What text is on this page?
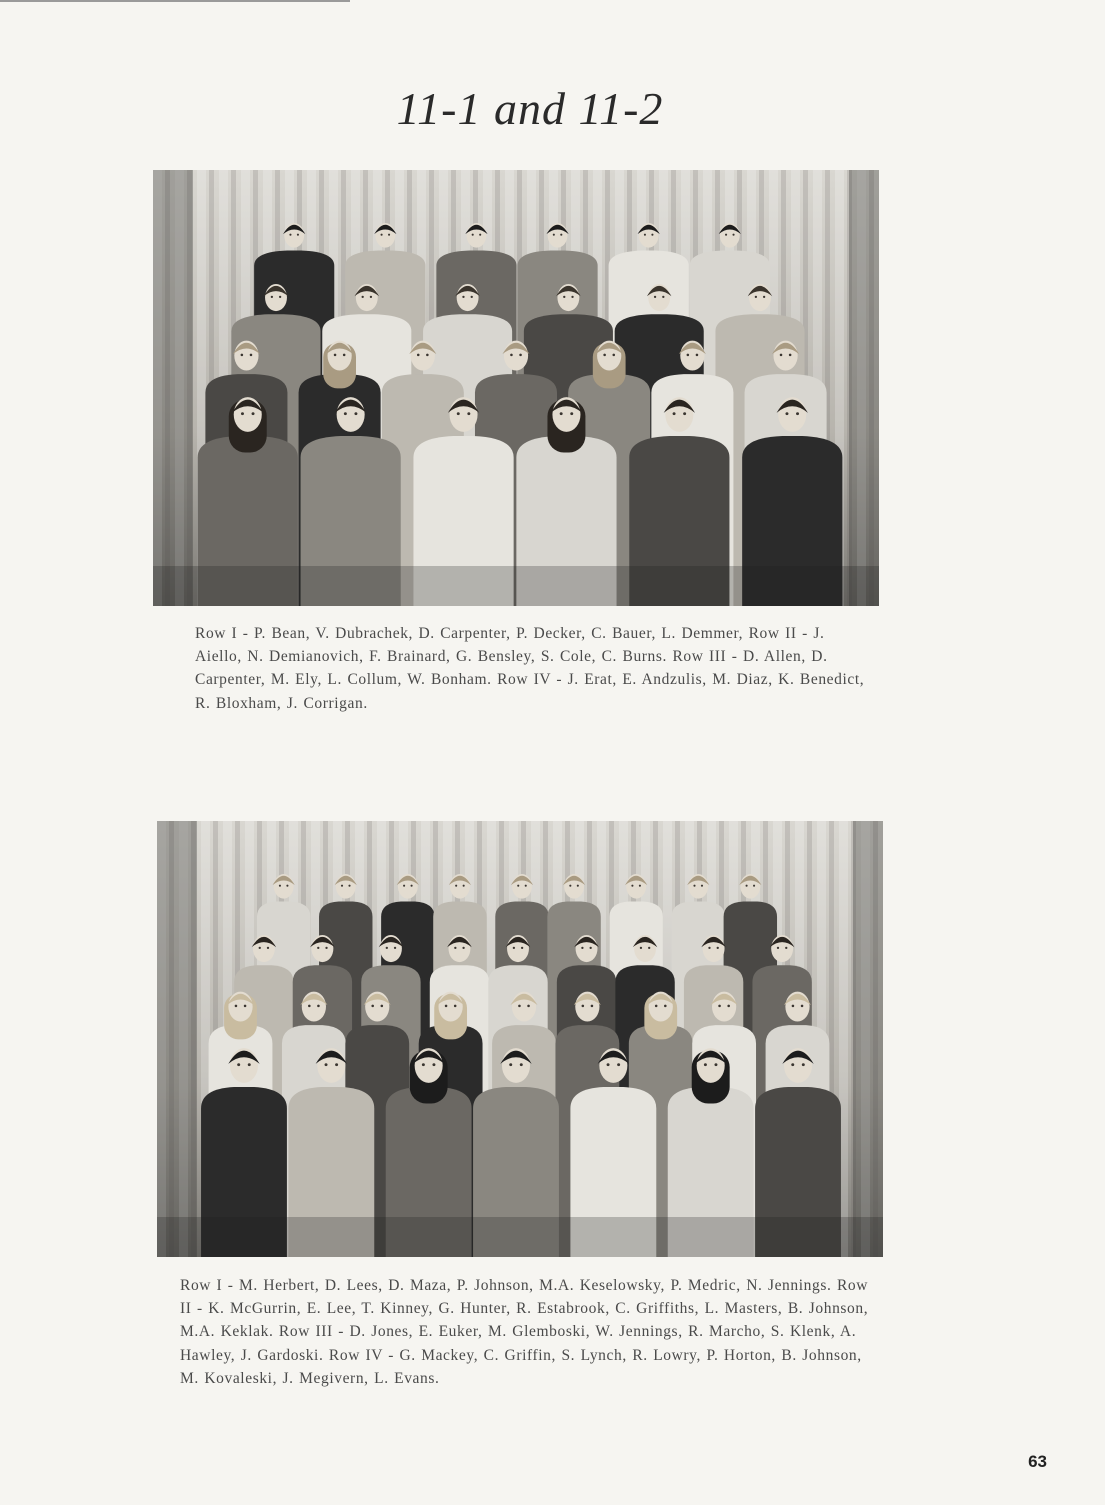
11-1 and 11-2
Row I - P. Bean, V. Dubrachek, D. Carpenter, P. Decker, C. Bauer, L. Demmer, Row II - J. Aiello, N. Demianovich, F. Brainard, G. Bensley, S. Cole, C. Burns. Row III - D. Allen, D. Carpenter, M. Ely, L. Collum, W. Bonham. Row IV - J. Erat, E. Andzulis, M. Diaz, K. Benedict, R. Bloxham, J. Corrigan.
Row I - M. Herbert, D. Lees, D. Maza, P. Johnson, M.A. Keselowsky, P. Medric, N. Jennings. Row II - K. McGurrin, E. Lee, T. Kinney, G. Hunter, R. Estabrook, C. Griffiths, L. Masters, B. Johnson, M.A. Keklak. Row III - D. Jones, E. Euker, M. Glemboski, W. Jennings, R. Marcho, S. Klenk, A. Hawley, J. Gardoski. Row IV - G. Mackey, C. Griffin, S. Lynch, R. Lowry, P. Horton, B. Johnson, M. Kovaleski, J. Megivern, L. Evans.
63
